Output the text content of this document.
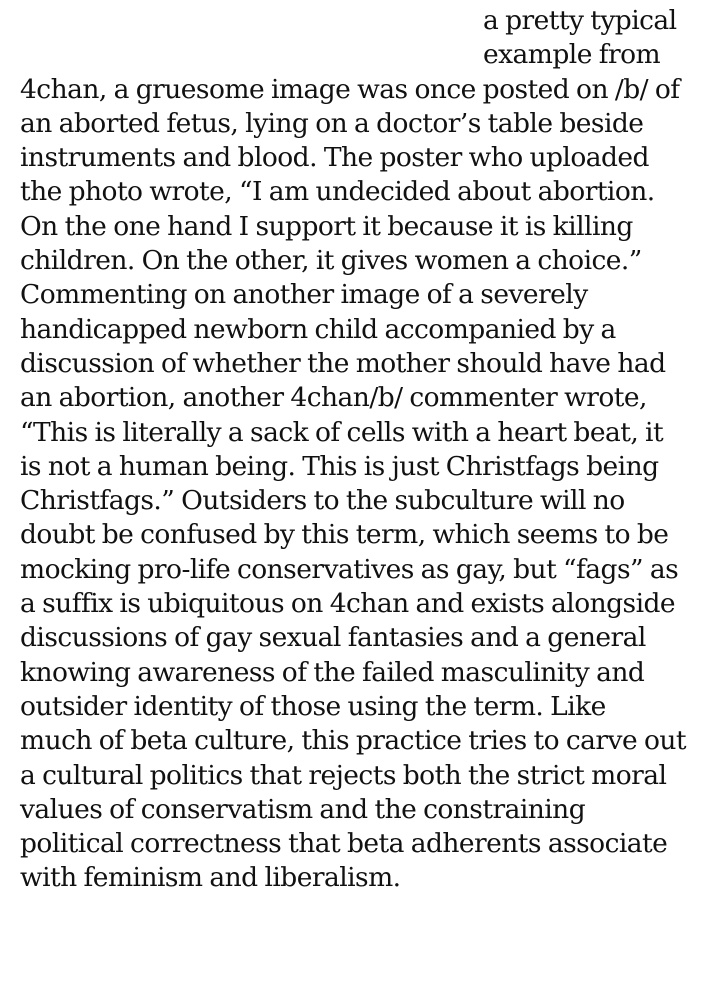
a pretty typical
example from
4chan, a gruesome image was once posted on /b/ of
an aborted fetus, lying on a doctor’s table beside
instruments and blood. The poster who uploaded
the photo wrote, “I am undecided about abortion.
On the one hand I support it because it is killing
children. On the other, it gives women a choice.”
Commenting on another image of a severely
handicapped newborn child accompanied by a
discussion of whether the mother should have had
an abortion, another 4chan/b/ commenter wrote,
“This is literally a sack of cells with a heart beat, it
is not a human being. This is just Christfags being
Christfags.” Outsiders to the subculture will no
doubt be confused by this term, which seems to be
mocking pro-life conservatives as gay, but “fags” as
a suffix is ubiquitous on 4chan and exists alongside
discussions of gay sexual fantasies and a general
knowing awareness of the failed masculinity and
outsider identity of those using the term. Like
much of beta culture, this practice tries to carve out
a cultural politics that rejects both the strict moral
values of conservatism and the constraining
political correctness that beta adherents associate
with feminism and liberalism.
